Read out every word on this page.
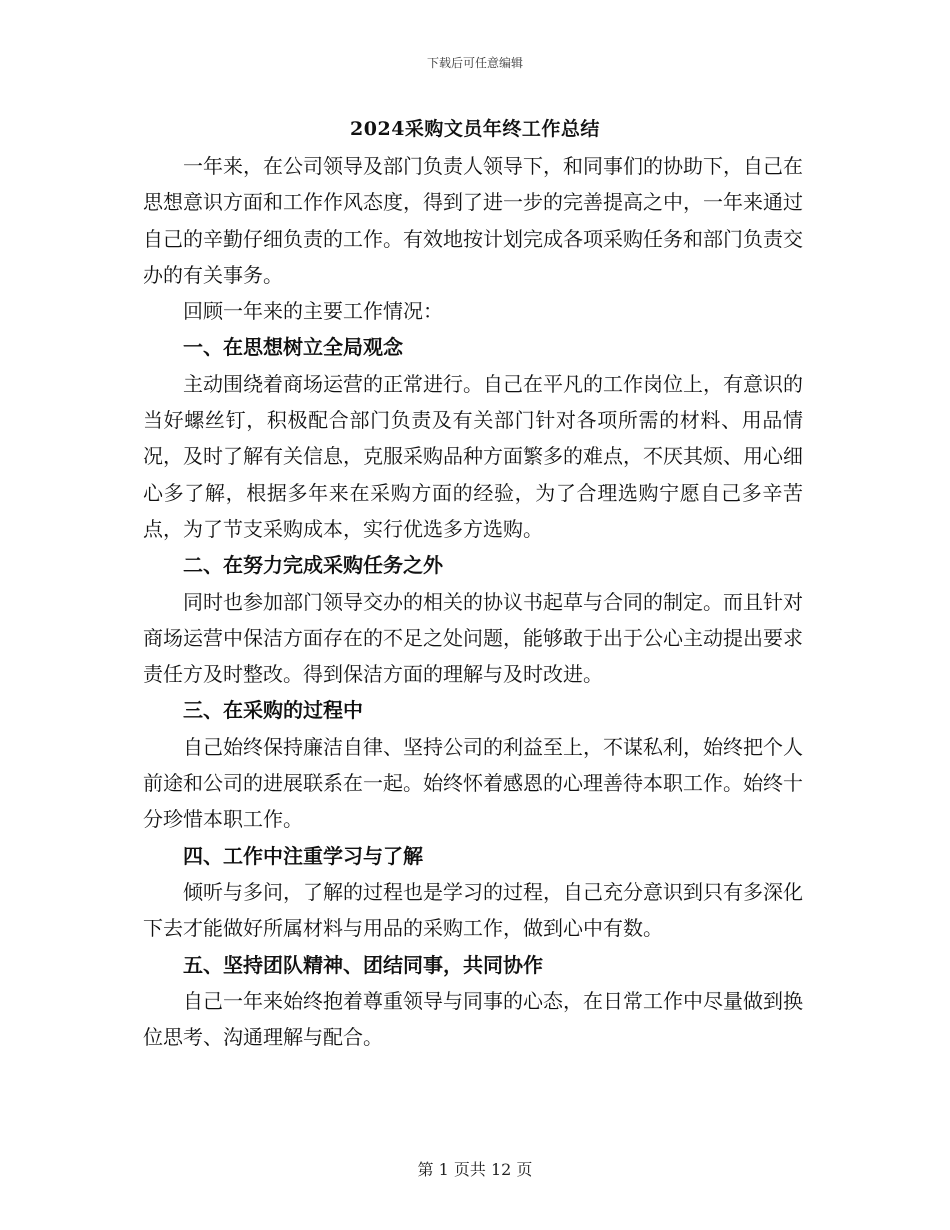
下载后可任意编辑
2024采购文员年终工作总结

一年来，在公司领导及部门负责人领导下，和同事们的协助下，自己在思想意识方面和工作作风态度，得到了进一步的完善提高之中，一年来通过自己的辛勤仔细负责的工作。有效地按计划完成各项采购任务和部门负责交办的有关事务。

回顾一年来的主要工作情况：

一、在思想树立全局观念

主动围绕着商场运营的正常进行。自己在平凡的工作岗位上，有意识的当好螺丝钉，积极配合部门负责及有关部门针对各项所需的材料、用品情况，及时了解有关信息，克服采购品种方面繁多的难点，不厌其烦、用心细心多了解，根据多年来在采购方面的经验，为了合理选购宁愿自己多辛苦点，为了节支采购成本，实行优选多方选购。

二、在努力完成采购任务之外

同时也参加部门领导交办的相关的协议书起草与合同的制定。而且针对商场运营中保洁方面存在的不足之处问题，能够敢于出于公心主动提出要求责任方及时整改。得到保洁方面的理解与及时改进。

三、在采购的过程中

自己始终保持廉洁自律、坚持公司的利益至上，不谋私利，始终把个人前途和公司的进展联系在一起。始终怀着感恩的心理善待本职工作。始终十分珍惜本职工作。

四、工作中注重学习与了解

倾听与多问，了解的过程也是学习的过程，自己充分意识到只有多深化下去才能做好所属材料与用品的采购工作，做到心中有数。

五、坚持团队精神、团结同事，共同协作

自己一年来始终抱着尊重领导与同事的心态，在日常工作中尽量做到换位思考、沟通理解与配合。

第 1 页共 12 页
